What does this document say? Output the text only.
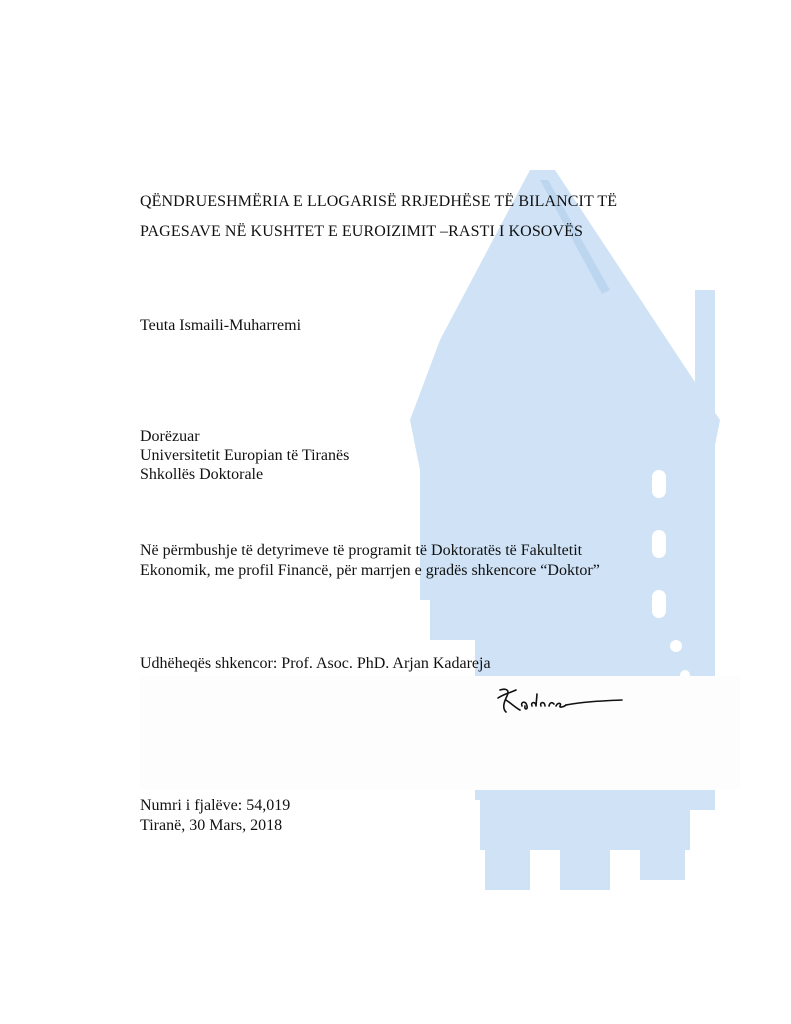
QËNDRUESHMËRIA E LLOGARISË RRJEDHËSE TË BILANCIT TË
PAGESAVE NË KUSHTET E EUROIZIMIT –RASTI I KOSOVËS
Teuta Ismaili-Muharremi
Dorëzuar
Universitetit Europian të Tiranës
Shkollës Doktorale
Në përmbushje të detyrimeve të programit të Doktoratës të Fakultetit
Ekonomik, me profil Financë, për marrjen e gradës shkencore “Doktor”
Udhëheqës shkencor: Prof. Asoc. PhD. Arjan Kadareja
Numri i fjalëve: 54,019
Tiranë, 30 Mars, 2018
